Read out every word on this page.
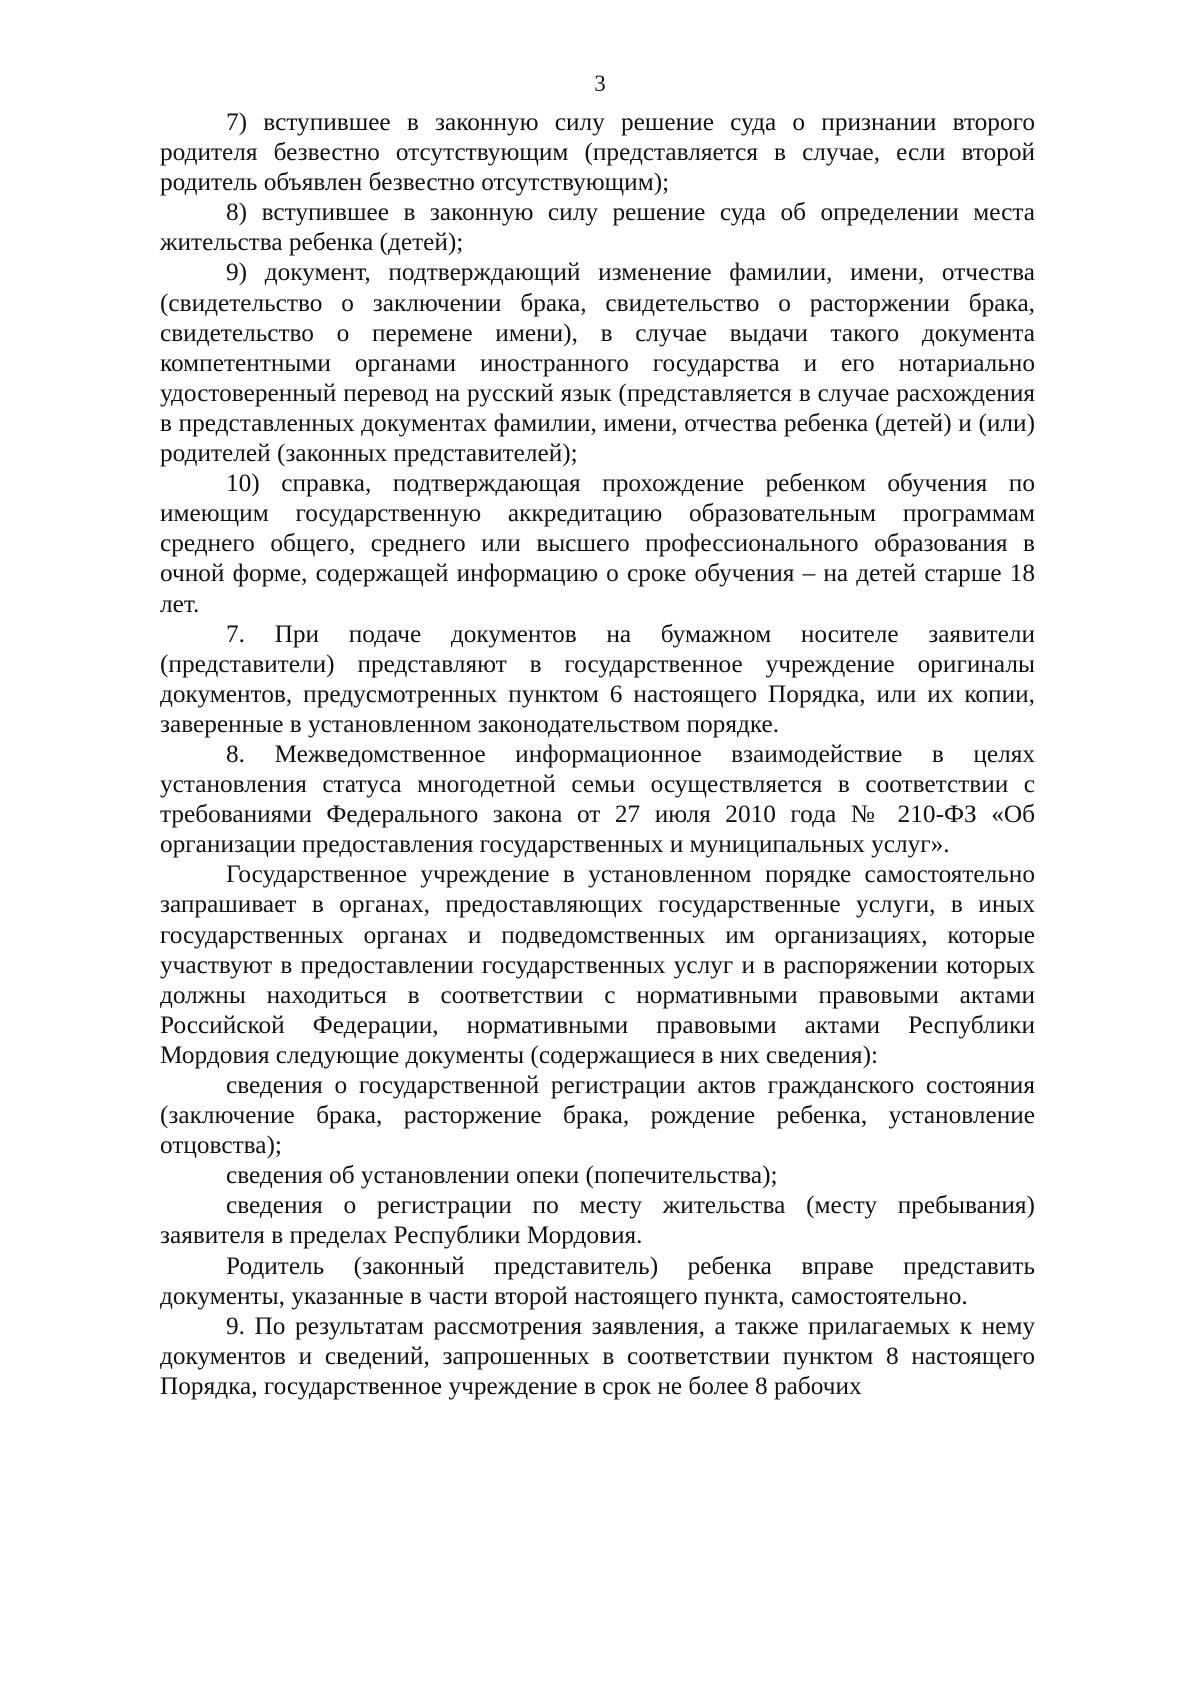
3

7) вступившее в законную силу решение суда о признании второго родителя безвестно отсутствующим (представляется в случае, если второй родитель объявлен безвестно отсутствующим);

8) вступившее в законную силу решение суда об определении места жительства ребенка (детей);

9) документ, подтверждающий изменение фамилии, имени, отчества (свидетельство о заключении брака, свидетельство о расторжении брака, свидетельство о перемене имени), в случае выдачи такого документа компетентными органами иностранного государства и его нотариально удостоверенный перевод на русский язык (представляется в случае расхождения в представленных документах фамилии, имени, отчества ребенка (детей) и (или) родителей (законных представителей);

10) справка, подтверждающая прохождение ребенком обучения по имеющим государственную аккредитацию образовательным программам среднего общего, среднего или высшего профессионального образования в очной форме, содержащей информацию о сроке обучения – на детей старше 18 лет.

7. При подаче документов на бумажном носителе заявители (представители) представляют в государственное учреждение оригиналы документов, предусмотренных пунктом 6 настоящего Порядка, или их копии, заверенные в установленном законодательством порядке.

8. Межведомственное информационное взаимодействие в целях установления статуса многодетной семьи осуществляется в соответствии с требованиями Федерального закона от 27 июля 2010 года № 210-ФЗ «Об организации предоставления государственных и муниципальных услуг».

Государственное учреждение в установленном порядке самостоятельно запрашивает в органах, предоставляющих государственные услуги, в иных государственных органах и подведомственных им организациях, которые участвуют в предоставлении государственных услуг и в распоряжении которых должны находиться в соответствии с нормативными правовыми актами Российской Федерации, нормативными правовыми актами Республики Мордовия следующие документы (содержащиеся в них сведения):

сведения о государственной регистрации актов гражданского состояния (заключение брака, расторжение брака, рождение ребенка, установление отцовства);

сведения об установлении опеки (попечительства);

сведения о регистрации по месту жительства (месту пребывания) заявителя в пределах Республики Мордовия.

Родитель (законный представитель) ребенка вправе представить документы, указанные в части второй настоящего пункта, самостоятельно.

9. По результатам рассмотрения заявления, а также прилагаемых к нему документов и сведений, запрошенных в соответствии пунктом 8 настоящего Порядка, государственное учреждение в срок не более 8 рабочих
